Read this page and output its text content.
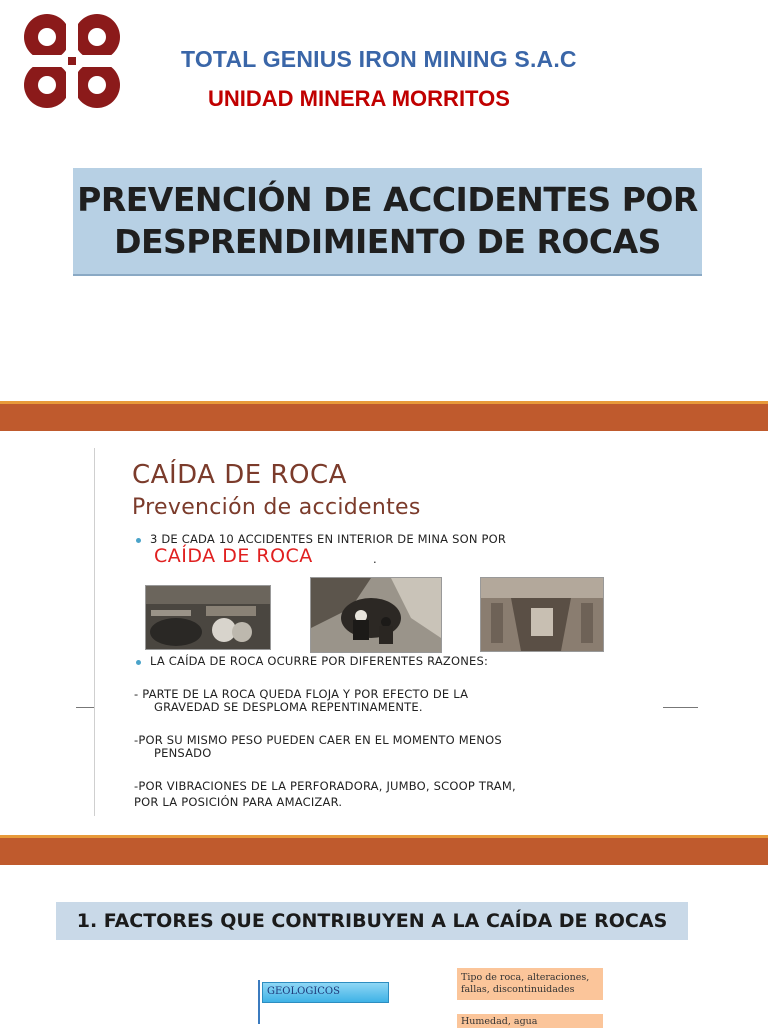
TOTAL GENIUS IRON MINING S.A.C
UNIDAD MINERA MORRITOS
PREVENCIÓN DE ACCIDENTES POR
DESPRENDIMIENTO DE ROCAS
CAÍDA DE ROCA
Prevención de accidentes
3 DE CADA 10 ACCIDENTES EN INTERIOR DE MINA SON POR
CAÍDA DE ROCA	.
LA CAÍDA DE ROCA OCURRE POR DIFERENTES RAZONES:
- PARTE DE LA ROCA QUEDA FLOJA Y POR EFECTO DE LA
GRAVEDAD SE DESPLOMA REPENTINAMENTE.
-POR SU MISMO PESO PUEDEN CAER EN EL MOMENTO MENOS
PENSADO
-POR VIBRACIONES DE LA PERFORADORA, JUMBO, SCOOP TRAM,
POR LA POSICIÓN PARA AMACIZAR.
1. FACTORES QUE CONTRIBUYEN A LA CAÍDA DE ROCAS
GEOLOGICOS
Tipo de roca, alteraciones,
fallas, discontinuidades
Humedad, agua
